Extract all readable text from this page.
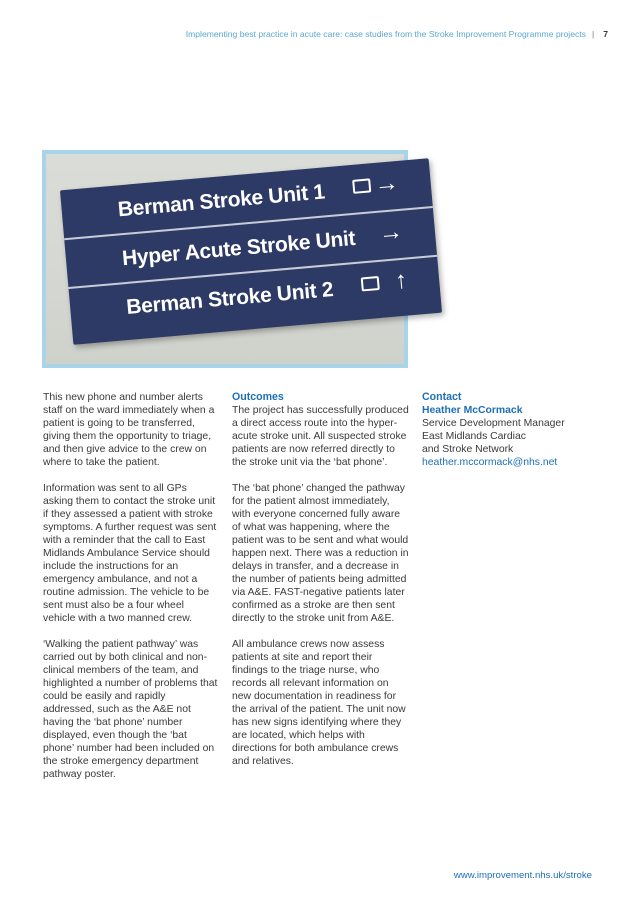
Implementing best practice in acute care: case studies from the Stroke Improvement Programme projects | 7
Berman Stroke Unit 1 →
Hyper Acute Stroke Unit →
Berman Stroke Unit 2 ↑

This new phone and number alerts staff on the ward immediately when a patient is going to be transferred, giving them the opportunity to triage, and then give advice to the crew on where to take the patient.

Information was sent to all GPs asking them to contact the stroke unit if they assessed a patient with stroke symptoms. A further request was sent with a reminder that the call to East Midlands Ambulance Service should include the instructions for an emergency ambulance, and not a routine admission. The vehicle to be sent must also be a four wheel vehicle with a two manned crew.

‘Walking the patient pathway’ was carried out by both clinical and non-clinical members of the team, and highlighted a number of problems that could be easily and rapidly addressed, such as the A&E not having the ‘bat phone’ number displayed, even though the ‘bat phone’ number had been included on the stroke emergency department pathway poster.

Outcomes

The project has successfully produced a direct access route into the hyper-acute stroke unit. All suspected stroke patients are now referred directly to the stroke unit via the ‘bat phone’.

The ‘bat phone’ changed the pathway for the patient almost immediately, with everyone concerned fully aware of what was happening, where the patient was to be sent and what would happen next. There was a reduction in delays in transfer, and a decrease in the number of patients being admitted via A&E. FAST-negative patients later confirmed as a stroke are then sent directly to the stroke unit from A&E.

All ambulance crews now assess patients at site and report their findings to the triage nurse, who records all relevant information on new documentation in readiness for the arrival of the patient. The unit now has new signs identifying where they are located, which helps with directions for both ambulance crews and relatives.

Contact
Heather McCormack
Service Development Manager
East Midlands Cardiac
and Stroke Network
heather.mccormack@nhs.net
www.improvement.nhs.uk/stroke
